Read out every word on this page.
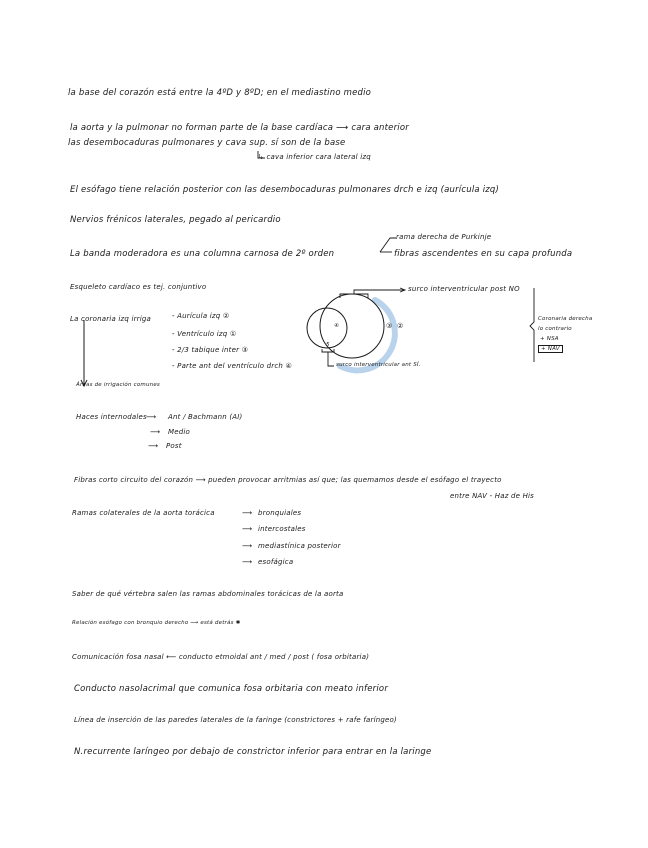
la base del corazón está entre la 4ºD y 8ºD; en el mediastino medio
la aorta y la pulmonar no forman parte de la base cardíaca ⟶ cara anterior
las desembocaduras pulmonares y cava sup. sí son de la base
↳ cava inferior cara lateral izq
El esófago tiene relación posterior con las desembocaduras pulmonares drch e izq (aurícula izq)
Nervios frénicos laterales, pegado al pericardio
La banda moderadora es una columna carnosa de 2º orden
rama derecha de Purkinje
fibras ascendentes en su capa profunda
Esqueleto cardíaco es tej. conjuntivo
La coronaria izq irriga	- Aurícula izq ②
- Ventrículo izq ①
- 2/3 tabique inter ③
- Parte ant del ventrículo drch ④
Áreas de irrigación comunes
surco interventricular post NO
surco interventricular ant SÍ.
④
5
③ ②
Coronaria derecha
lo contrario
+ NSA
+ NAV
Haces internodales ⟶ Ant / Bachmann (AI)
⟶ Medio
⟶ Post
Fibras corto circuito del corazón ⟶ pueden provocar arritmias así que; las quemamos desde el esófago el trayecto
entre NAV - Haz de His
Ramas colaterales de la aorta torácica	⟶ bronquiales
⟶ intercostales
⟶ mediastínica posterior
⟶ esofágica
Saber de qué vértebra salen las ramas abdominales torácicas de la aorta
Relación esófago con bronquio derecho ⟶ está detrás ✱
Comunicación fosa nasal ⟵ conducto etmoidal ant / med / post ( fosa orbitaria)
Conducto nasolacrimal que comunica fosa orbitaria con meato inferior
Línea de inserción de las paredes laterales de la faringe (constrictores + rafe faríngeo)
N.recurrente laríngeo por debajo de constrictor inferior para entrar en la laringe
